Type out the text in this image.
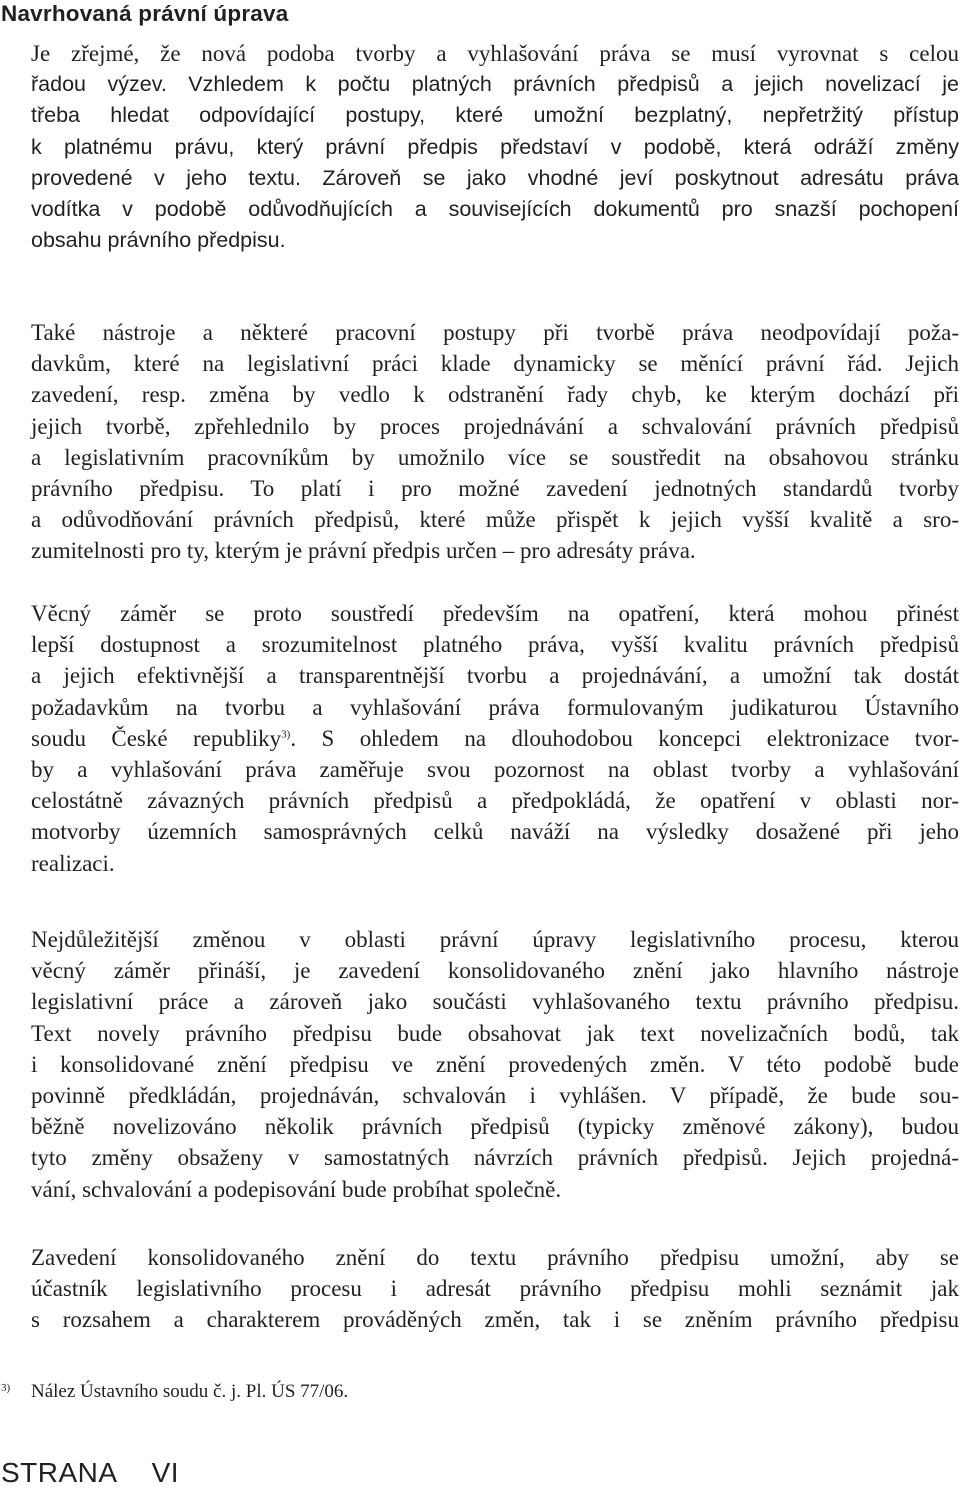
Navrhovaná právní úprava

Je zřejmé, že nová podoba tvorby a vyhlašování práva se musí vyrovnat s celou
řadou výzev. Vzhledem k počtu platných právních předpisů a jejich novelizací je
třeba hledat odpovídající postupy, které umožní bezplatný, nepřetržitý přístup
k platnému právu, který právní předpis představí v podobě, která odráží změny
provedené v jeho textu. Zároveň se jako vhodné jeví poskytnout adresátu práva
vodítka v podobě odůvodňujících a souvisejících dokumentů pro snazší pochopení
obsahu právního předpisu.

Také nástroje a některé pracovní postupy při tvorbě práva neodpovídají poža-
davkům, které na legislativní práci klade dynamicky se měnící právní řád. Jejich
zavedení, resp. změna by vedlo k odstranění řady chyb, ke kterým dochází při
jejich tvorbě, zpřehlednilo by proces projednávání a schvalování právních předpisů
a legislativním pracovníkům by umožnilo více se soustředit na obsahovou stránku
právního předpisu. To platí i pro možné zavedení jednotných standardů tvorby
a odůvodňování právních předpisů, které může přispět k jejich vyšší kvalitě a sro-
zumitelnosti pro ty, kterým je právní předpis určen – pro adresáty práva.

Věcný záměr se proto soustředí především na opatření, která mohou přinést
lepší dostupnost a srozumitelnost platného práva, vyšší kvalitu právních předpisů
a jejich efektivnější a transparentnější tvorbu a projednávání, a umožní tak dostát
požadavkům na tvorbu a vyhlašování práva formulovaným judikaturou Ústavního
soudu České republiky$^{3)}$. S ohledem na dlouhodobou koncepci elektronizace tvor-
by a vyhlašování práva zaměřuje svou pozornost na oblast tvorby a vyhlašování
celostátně závazných právních předpisů a předpokládá, že opatření v oblasti nor-
motvorby územních samosprávných celků naváží na výsledky dosažené při jeho
realizaci.

Nejdůležitější změnou v oblasti právní úpravy legislativního procesu, kterou
věcný záměr přináší, je zavedení konsolidovaného znění jako hlavního nástroje
legislativní práce a zároveň jako součásti vyhlašovaného textu právního předpisu.
Text novely právního předpisu bude obsahovat jak text novelizačních bodů, tak
i konsolidované znění předpisu ve znění provedených změn. V této podobě bude
povinně předkládán, projednáván, schvalován i vyhlášen. V případě, že bude sou-
běžně novelizováno několik právních předpisů (typicky změnové zákony), budou
tyto změny obsaženy v samostatných návrzích právních předpisů. Jejich projedná-
vání, schvalování a podepisování bude probíhat společně.

Zavedení konsolidovaného znění do textu právního předpisu umožní, aby se
účastník legislativního procesu i adresát právního předpisu mohli seznámit jak
s rozsahem a charakterem prováděných změn, tak i se zněním právního předpisu

3) Nález Ústavního soudu č. j. Pl. ÚS 77/06.

STRANA VI
